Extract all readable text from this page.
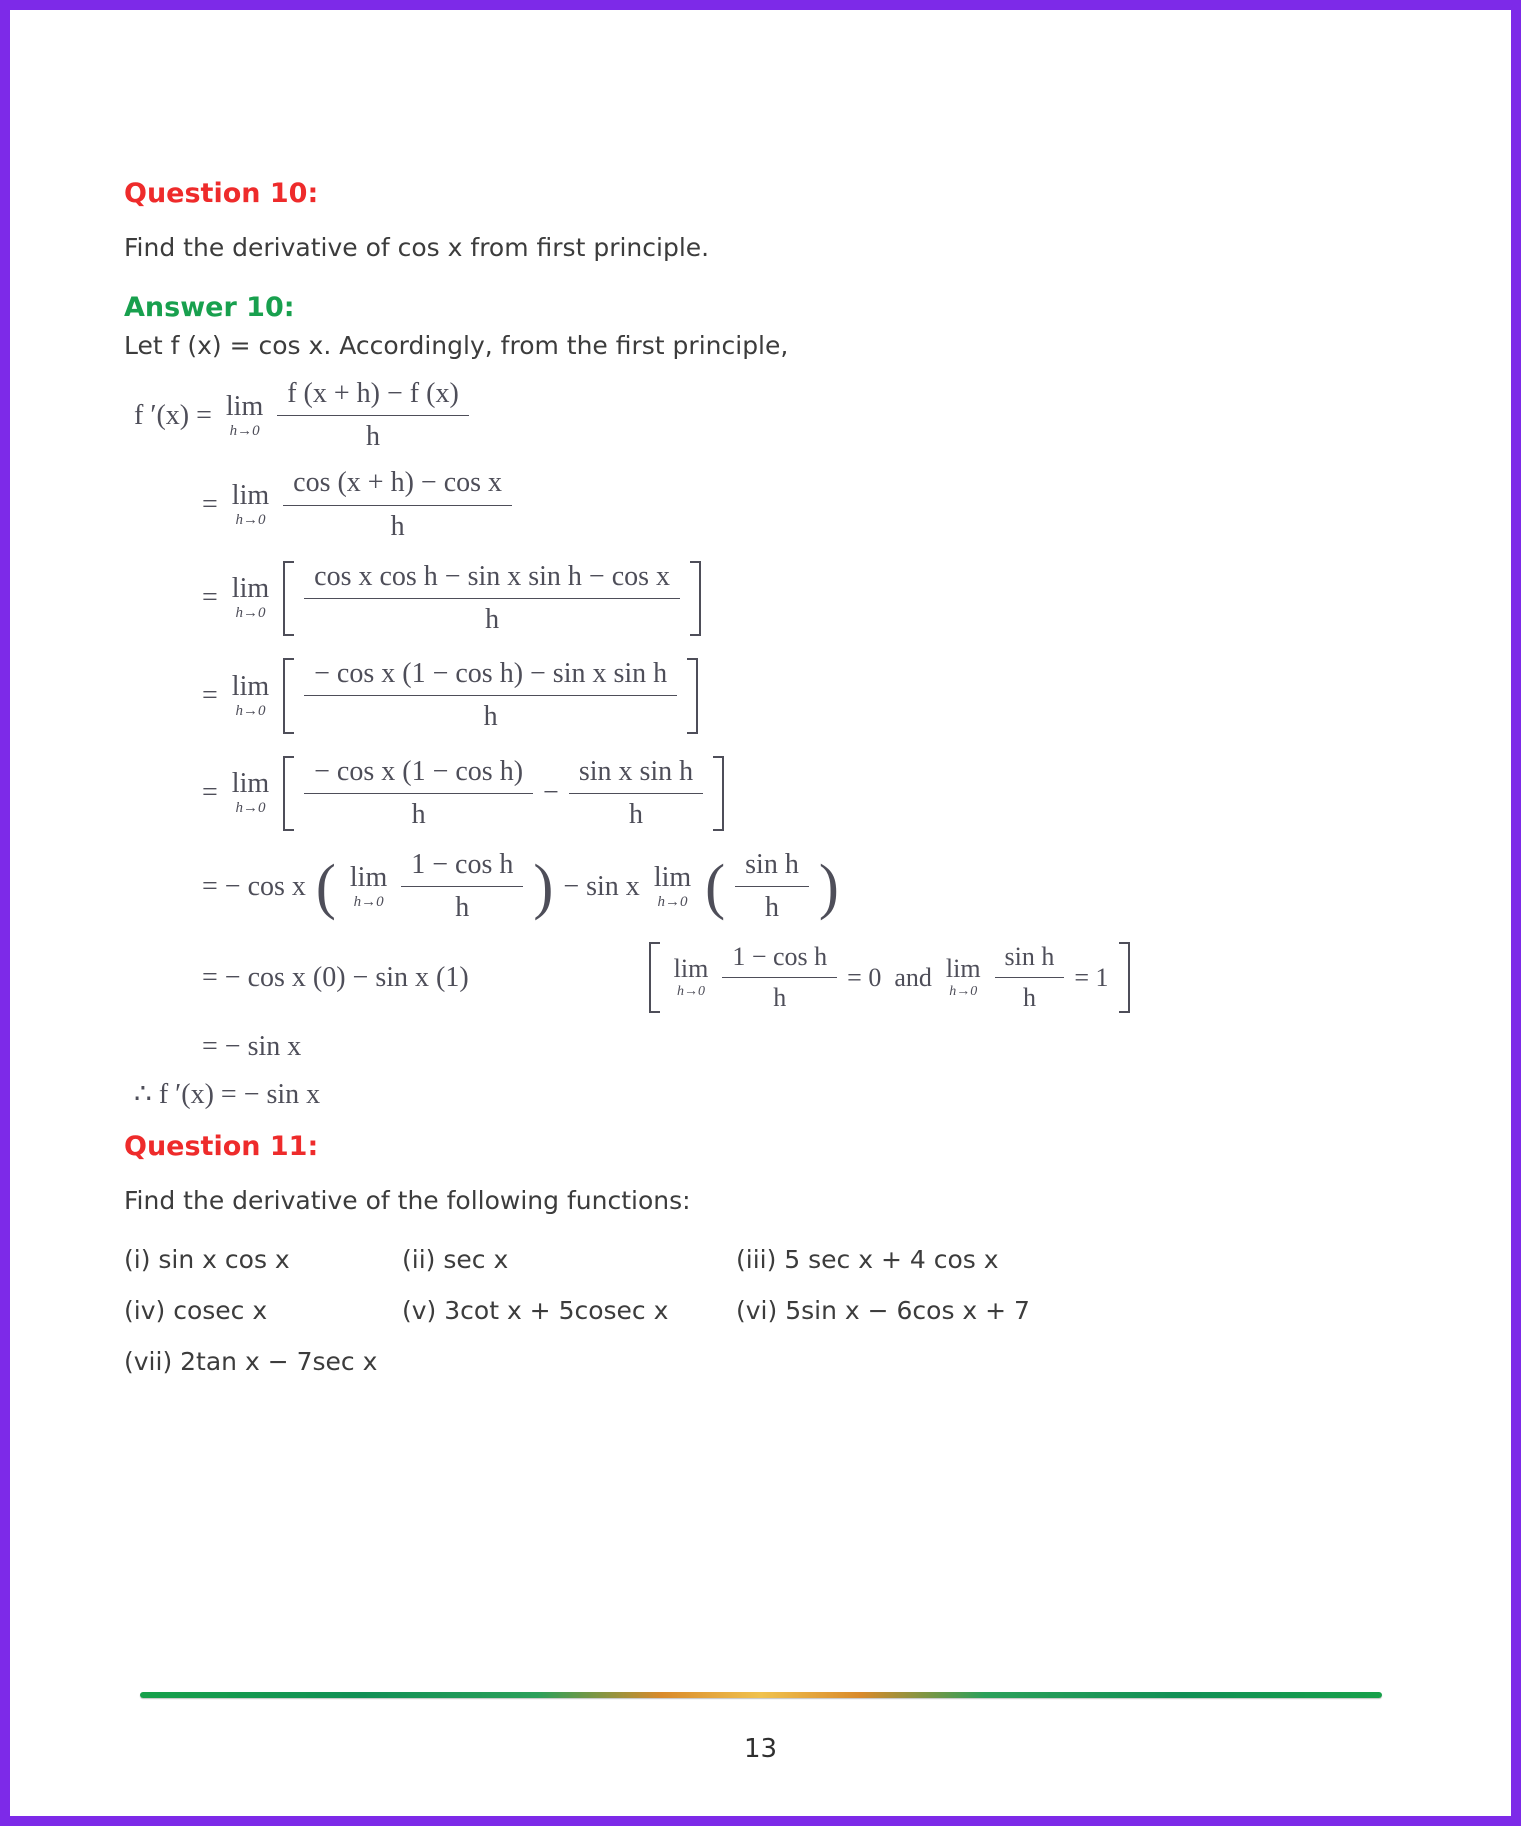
Question 10:

Find the derivative of cos x from first principle.

Answer 10:

Let f (x) = cos x. Accordingly, from the first principle,

f ′(x) = lim
$h\to 0 \frac{f (x + h) - f (x)}{h}$
= lim
$h\to 0 \frac{\text{cos (x + h) − cos x}}{h}$
= lim
$h\to 0 \frac{\text{cos x cos h − sin x sin h − cos x}}{h}$
= lim
$h\to 0 \frac{\text{− cos x (1 − cos h) − sin x sin h}}{h}$
= lim
$h\to 0 \frac{\text{− cos x (1 − cos h)}}{h} - \frac{\text{sin x sin h}}{h}$
= − cos x ( lim
$h\to 0 \frac{\text{1 − cos h}}{h}$ ) − sin x lim
h→0 ( $\frac{\text{sin h}}{h}$ )
= − cos x (0) − sin x (1)	lim
$h\to 0 \frac{\text{1 − cos h}}{h} = 0$  and lim
$h\to 0 \frac{\text{sin h}}{h} = 1$
= − sin x
∴ f ′(x) = − sin x
Question 11:

Find the derivative of the following functions:

(i) sin x cos x	(ii) sec x	(iii) 5 sec x + 4 cos x
(iv) cosec x	(v) 3cot x + 5cosec x	(vi) 5sin x − 6cos x + 7
(vii) 2tan x − 7sec x
13
